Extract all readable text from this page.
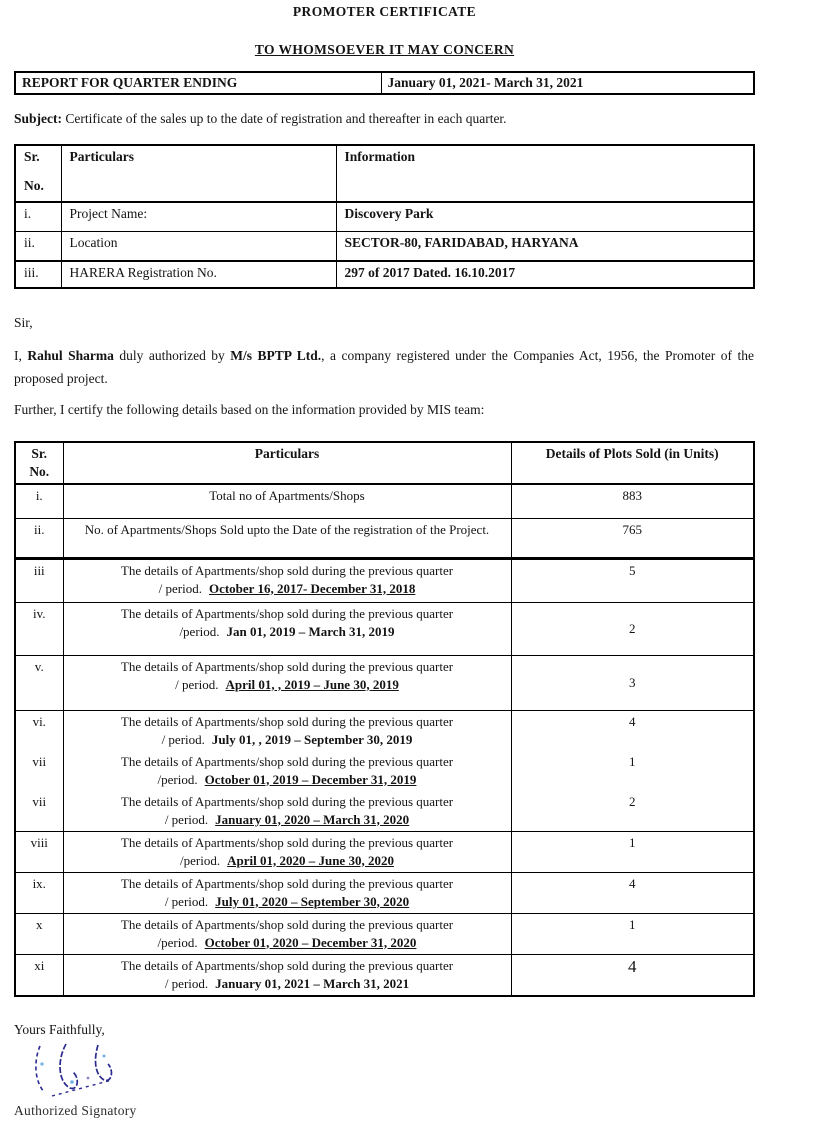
PROMOTER CERTIFICATE
TO WHOMSOEVER IT MAY CONCERN
REPORT FOR QUARTER ENDING	January 01, 2021- March 31, 2021

Subject: Certificate of the sales up to the date of registration and thereafter in each quarter.

Sr.
No.	Particulars	Information
i.	Project Name:	Discovery Park
ii.	Location	SECTOR-80, FARIDABAD, HARYANA
iii.	HARERA Registration No.	297 of 2017 Dated. 16.10.2017

Sir,

I, Rahul Sharma duly authorized by M/s BPTP Ltd., a company registered under the Companies Act, 1956, the Promoter of the proposed project.

Further, I certify the following details based on the information provided by MIS team:

Sr.
No.	Particulars	Details of Plots Sold (in Units)
i.	Total no of Apartments/Shops	883
ii.	No. of Apartments/Shops Sold upto the Date of the registration of the Project.	765
iii	The details of Apartments/shop sold during the previous quarter
/ period. October 16, 2017- December 31, 2018	5
iv.	The details of Apartments/shop sold during the previous quarter
/period. Jan 01, 2019 – March 31, 2019	2
v.	The details of Apartments/shop sold during the previous quarter
/ period. April 01, , 2019 – June 30, 2019	3
vi.	The details of Apartments/shop sold during the previous quarter
/ period. July 01, , 2019 – September 30, 2019	4
vii	The details of Apartments/shop sold during the previous quarter
/period. October 01, 2019 – December 31, 2019	1
vii	The details of Apartments/shop sold during the previous quarter
/ period. January 01, 2020 – March 31, 2020	2
viii	The details of Apartments/shop sold during the previous quarter
/period. April 01, 2020 – June 30, 2020	1
ix.	The details of Apartments/shop sold during the previous quarter
/ period. July 01, 2020 – September 30, 2020	4
x	The details of Apartments/shop sold during the previous quarter
/period. October 01, 2020 – December 31, 2020	1
xi	The details of Apartments/shop sold during the previous quarter
/ period. January 01, 2021 – March 31, 2021	4

Yours Faithfully,

Authorized Signatory
